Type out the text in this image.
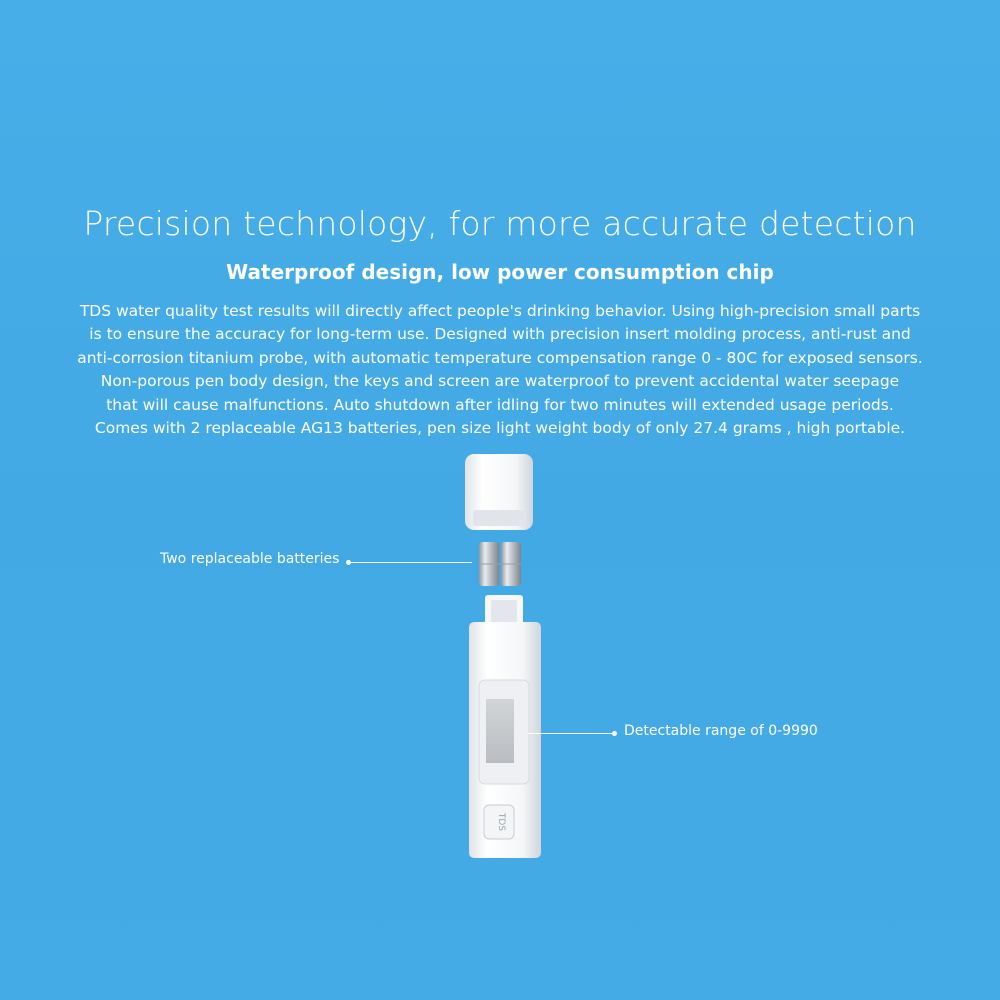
Precision technology, for more accurate detection
Waterproof design, low power consumption chip

TDS water quality test results will directly affect people's drinking behavior. Using high-precision small parts
is to ensure the accuracy for long-term use. Designed with precision insert molding process, anti-rust and
anti-corrosion titanium probe, with automatic temperature compensation range 0 - 80C for exposed sensors.
Non-porous pen body design, the keys and screen are waterproof to prevent accidental water seepage
that will cause malfunctions. Auto shutdown after idling for two minutes will extended usage periods.
Comes with 2 replaceable AG13 batteries, pen size light weight body of only 27.4 grams , high portable.

TDS
Two replaceable batteries
Detectable range of 0-9990
